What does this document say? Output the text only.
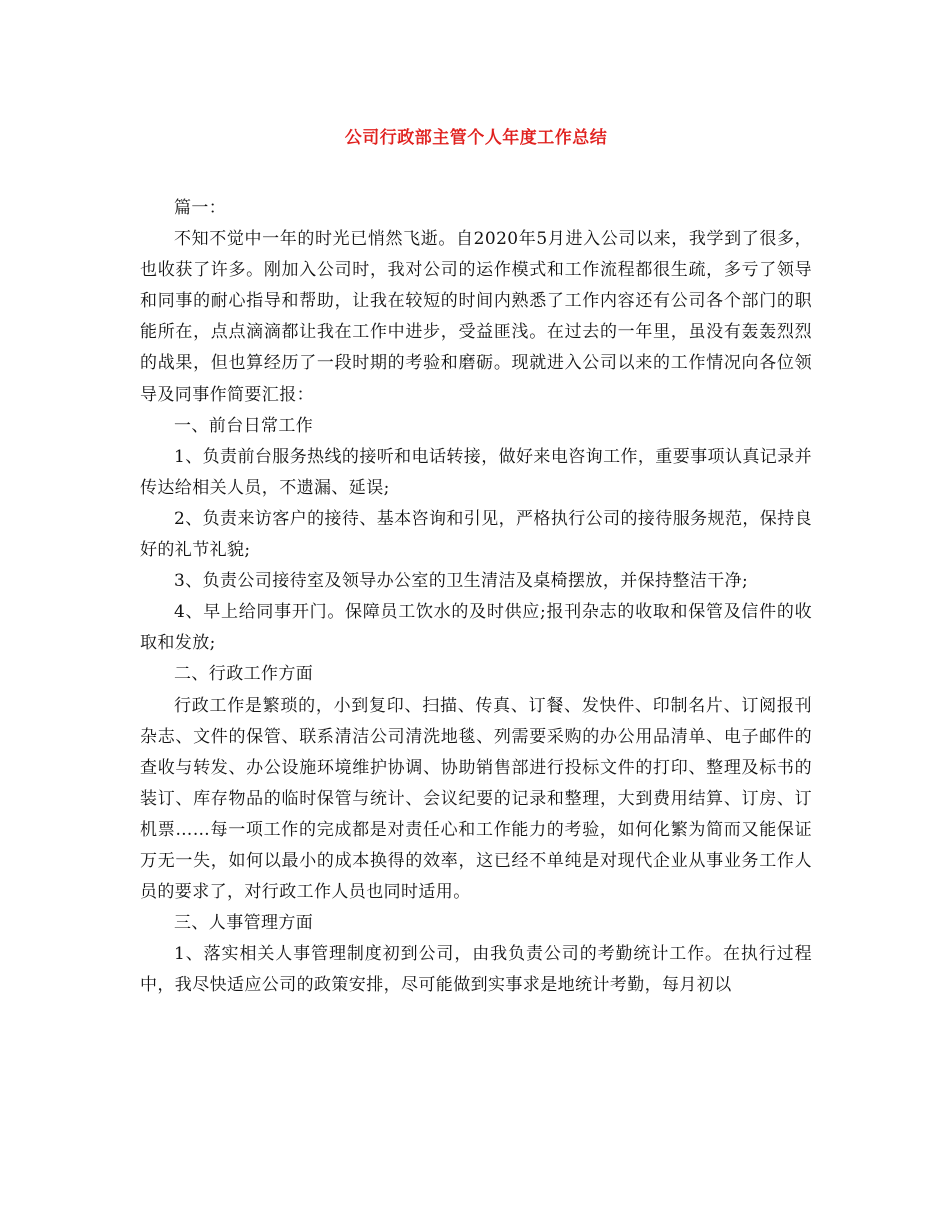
公司行政部主管个人年度工作总结

篇一：

不知不觉中一年的时光已悄然飞逝。自2020年5月进入公司以来，我学到了很多，也收获了许多。刚加入公司时，我对公司的运作模式和工作流程都很生疏，多亏了领导和同事的耐心指导和帮助，让我在较短的时间内熟悉了工作内容还有公司各个部门的职能所在，点点滴滴都让我在工作中进步，受益匪浅。在过去的一年里，虽没有轰轰烈烈的战果，但也算经历了一段时期的考验和磨砺。现就进入公司以来的工作情况向各位领导及同事作简要汇报：

一、前台日常工作

1、负责前台服务热线的接听和电话转接，做好来电咨询工作，重要事项认真记录并传达给相关人员，不遗漏、延误;

2、负责来访客户的接待、基本咨询和引见，严格执行公司的接待服务规范，保持良好的礼节礼貌;

3、负责公司接待室及领导办公室的卫生清洁及桌椅摆放，并保持整洁干净;

4、早上给同事开门。保障员工饮水的及时供应;报刊杂志的收取和保管及信件的收取和发放;

二、行政工作方面

行政工作是繁琐的，小到复印、扫描、传真、订餐、发快件、印制名片、订阅报刊杂志、文件的保管、联系清洁公司清洗地毯、列需要采购的办公用品清单、电子邮件的查收与转发、办公设施环境维护协调、协助销售部进行投标文件的打印、整理及标书的装订、库存物品的临时保管与统计、会议纪要的记录和整理，大到费用结算、订房、订机票……每一项工作的完成都是对责任心和工作能力的考验，如何化繁为简而又能保证万无一失，如何以最小的成本换得的效率，这已经不单纯是对现代企业从事业务工作人员的要求了，对行政工作人员也同时适用。

三、人事管理方面

1、落实相关人事管理制度初到公司，由我负责公司的考勤统计工作。在执行过程中，我尽快适应公司的政策安排，尽可能做到实事求是地统计考勤，每月初以
